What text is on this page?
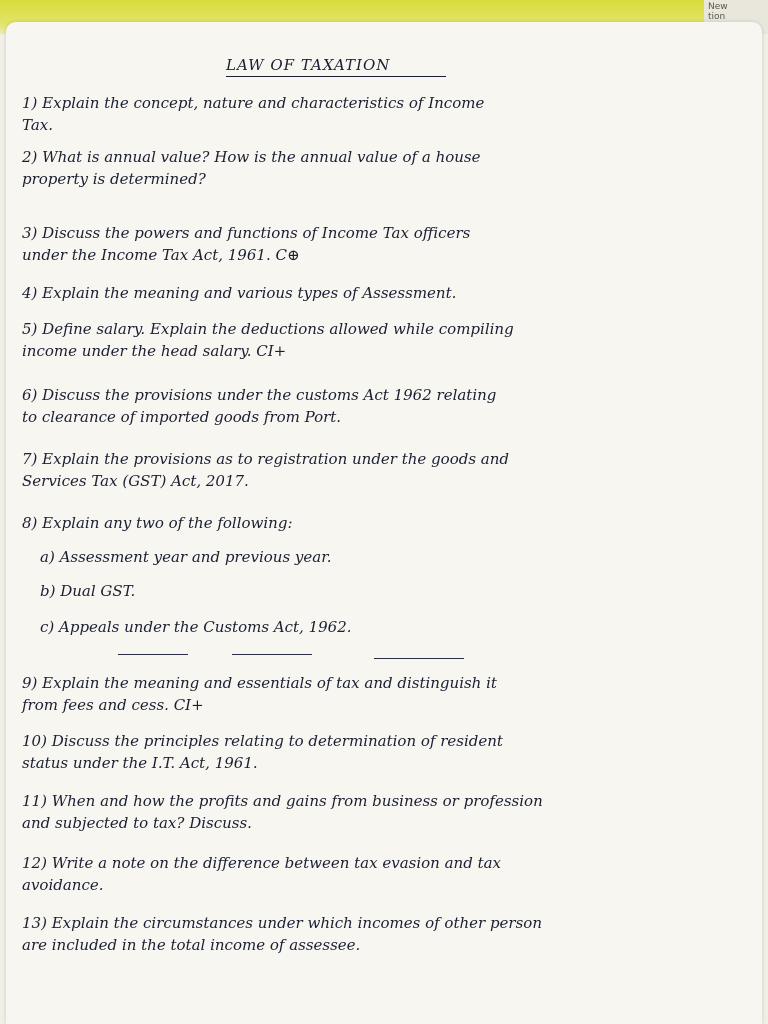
New
tion
LAW OF TAXATION
1) Explain the concept, nature and characteristics of Income
Tax.
2) What is annual value? How is the annual value of a house
property is determined?
3) Discuss the powers and functions of Income Tax officers
under the Income Tax Act, 1961. C⊕
4) Explain the meaning and various types of Assessment.
5) Define salary. Explain the deductions allowed while compiling
income under the head salary. CI+
6) Discuss the provisions under the customs Act 1962 relating
to clearance of imported goods from Port.
7) Explain the provisions as to registration under the goods and
Services Tax (GST) Act, 2017.
8) Explain any two of the following:
a) Assessment year and previous year.
b) Dual GST.
c) Appeals under the Customs Act, 1962.
9) Explain the meaning and essentials of tax and distinguish it
from fees and cess. CI+
10) Discuss the principles relating to determination of resident
status under the I.T. Act, 1961.
11) When and how the profits and gains from business or profession
and subjected to tax? Discuss.
12) Write a note on the difference between tax evasion and tax
avoidance.
13) Explain the circumstances under which incomes of other person
are included in the total income of assessee.
